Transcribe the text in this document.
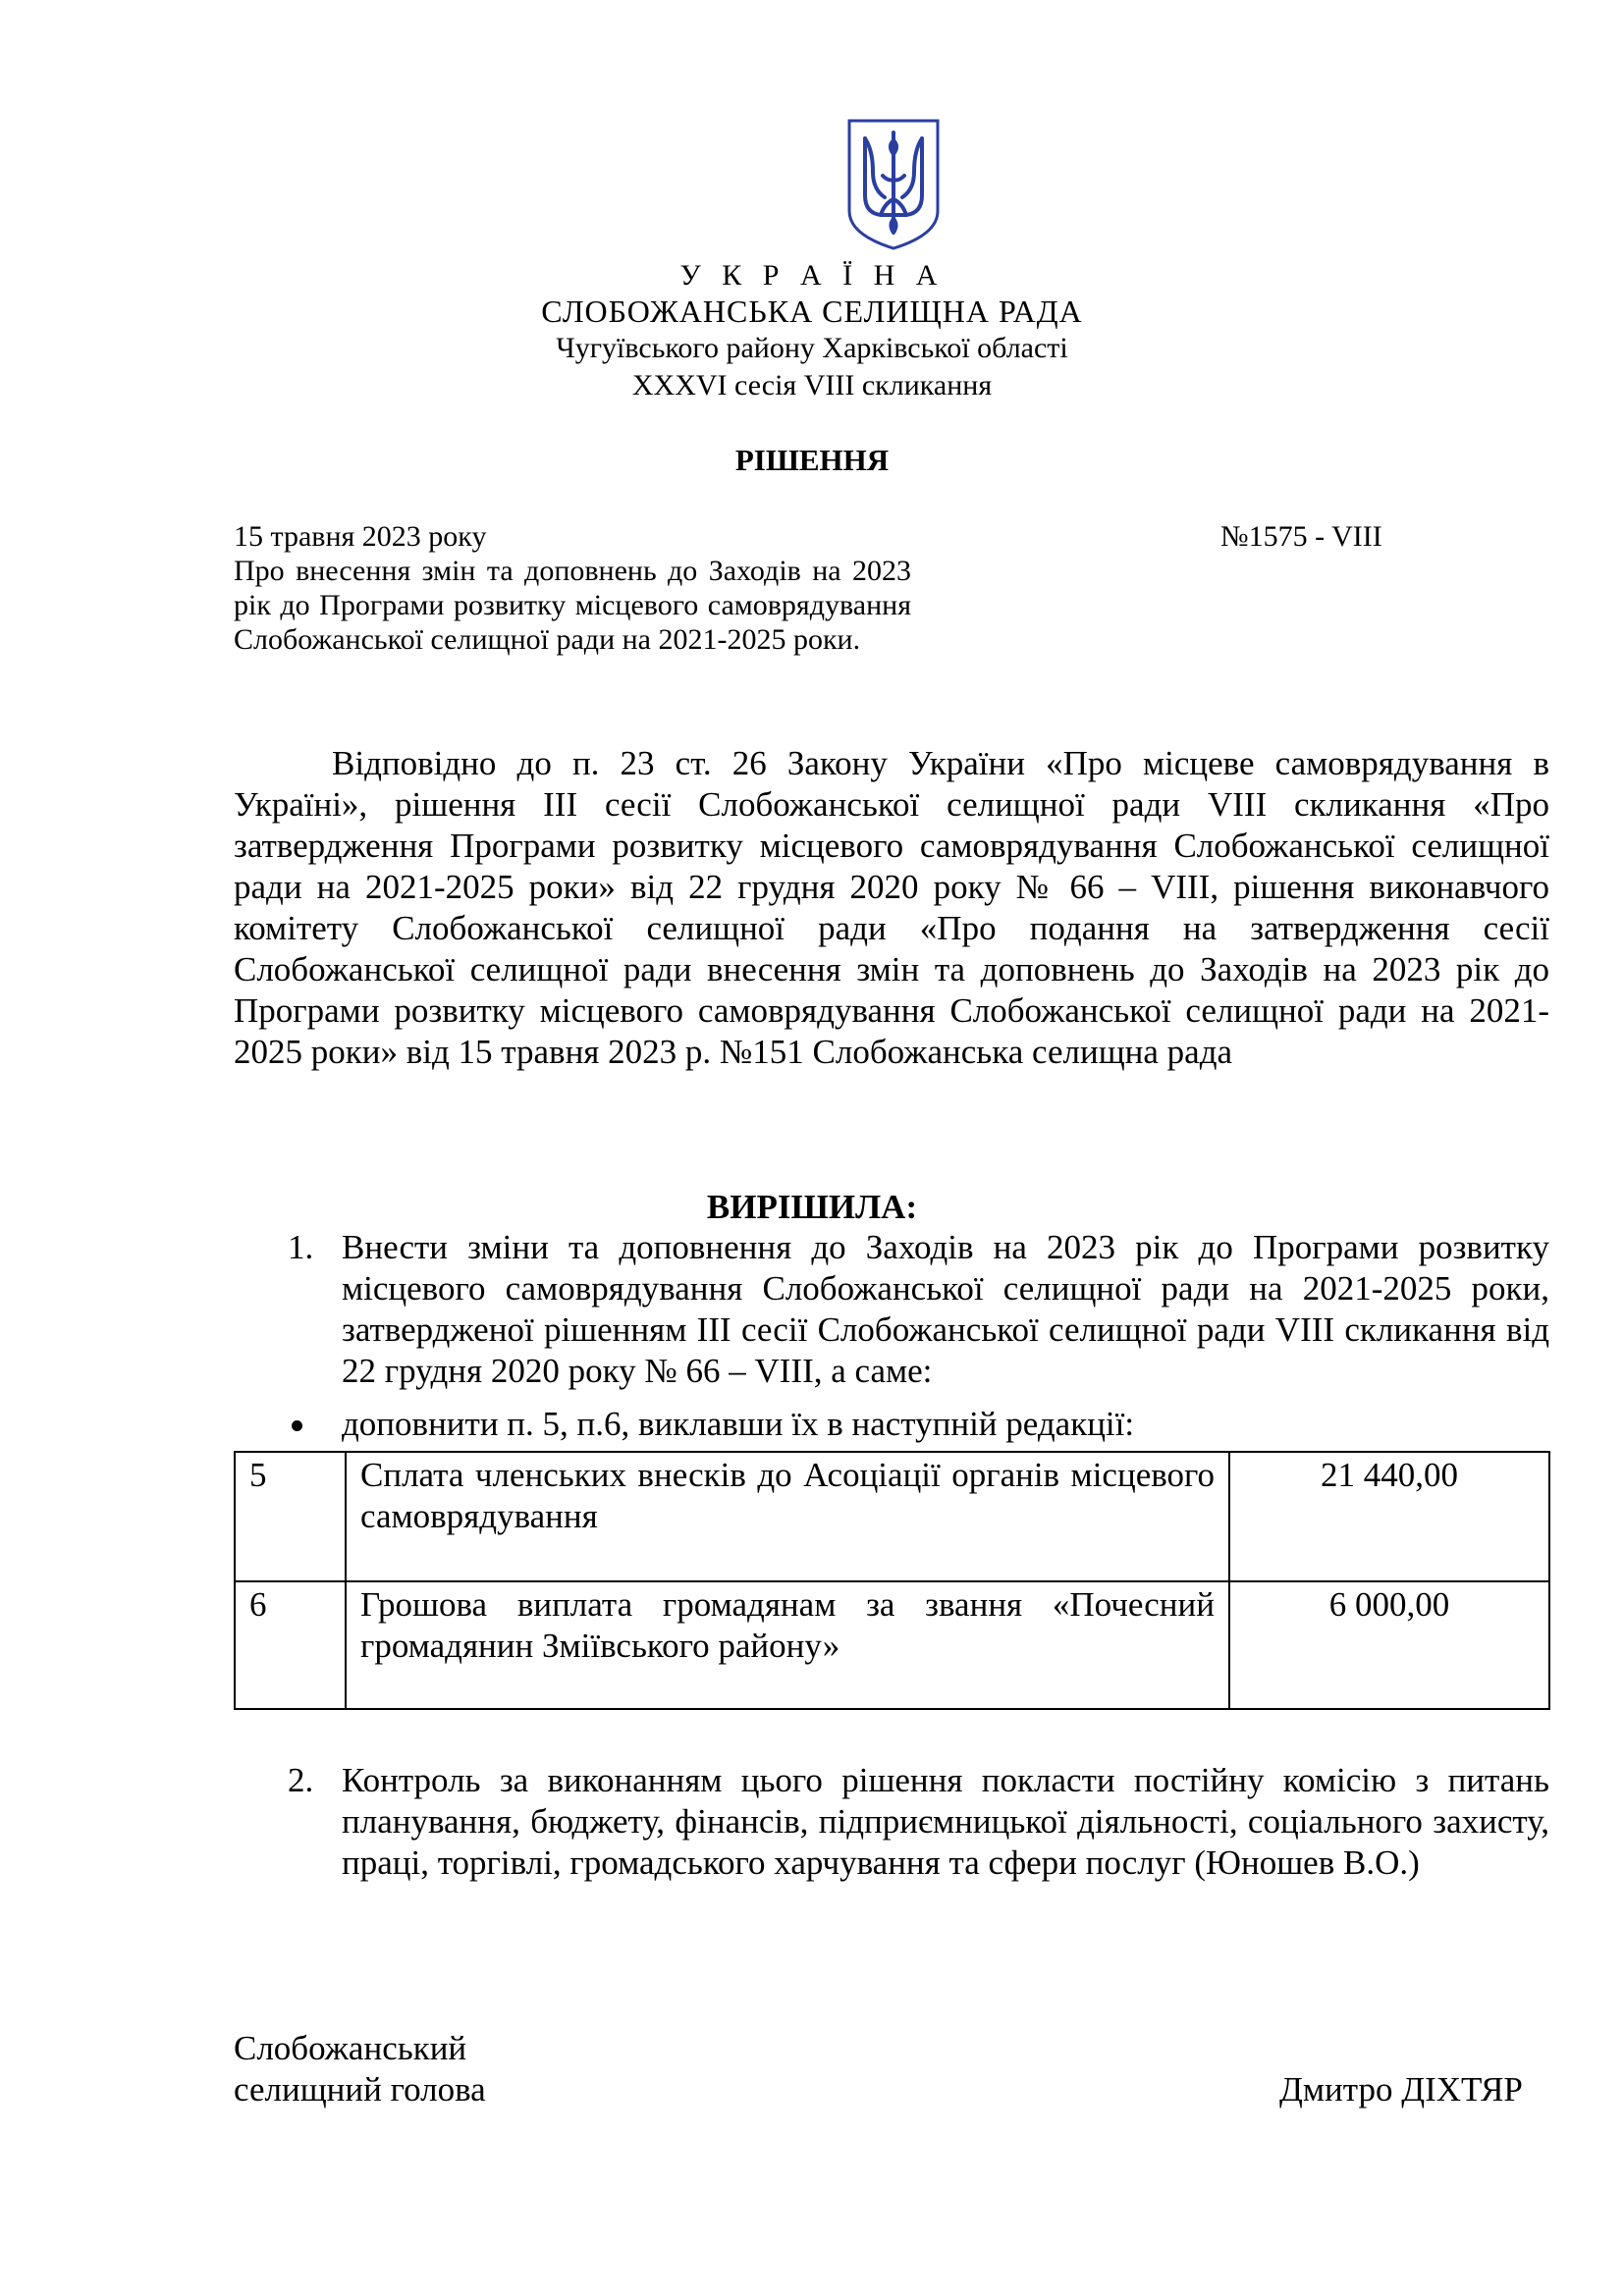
У К Р А Ї Н А
СЛОБОЖАНСЬКА СЕЛИЩНА РАДА
Чугуївського району Харківської області
XXXVI сесія VIII скликання
РІШЕННЯ
15 травня 2023 року	№1575 - VIII
Про внесення змін та доповнень до Заходів на 2023 рік до Програми розвитку місцевого самоврядування Слобожанської селищної ради на 2021-2025 роки.
Відповідно до п. 23 ст. 26 Закону України «Про місцеве самоврядування в Україні», рішення ІІІ сесії Слобожанської селищної ради VIII скликання «Про затвердження Програми розвитку місцевого самоврядування Слобожанської селищної ради на 2021-2025 роки» від 22 грудня 2020 року № 66 – VIII, рішення виконавчого комітету Слобожанської селищної ради «Про подання на затвердження сесії Слобожанської селищної ради внесення змін та доповнень до Заходів на 2023 рік до Програми розвитку місцевого самоврядування Слобожанської селищної ради на 2021-2025 роки» від 15 травня 2023 р. №151 Слобожанська селищна рада
ВИРІШИЛА:
1. Внести зміни та доповнення до Заходів на 2023 рік до Програми розвитку місцевого самоврядування Слобожанської селищної ради на 2021-2025 роки, затвердженої рішенням ІІІ сесії Слобожанської селищної ради VIII скликання від 22 грудня 2020 року № 66 – VIII, а саме:
доповнити п. 5, п.6, виклавши їх в наступній редакції:
5	Сплата членських внесків до Асоціації органів місцевого самоврядування	21 440,00
6	Грошова виплата громадянам за звання «Почесний громадянин Зміївського району»	6 000,00
2. Контроль за виконанням цього рішення покласти постійну комісію з питань планування, бюджету, фінансів, підприємницької діяльності, соціального захисту, праці, торгівлі, громадського харчування та сфери послуг (Юношев В.О.)
Слобожанський
селищний голова	Дмитро ДІХТЯР
